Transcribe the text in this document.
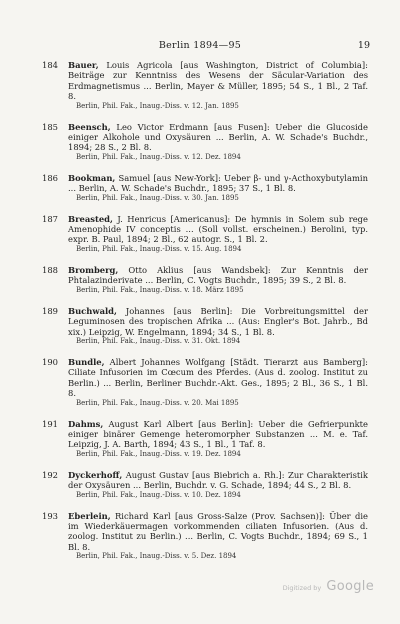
Berlin 1894—95	19
184 Bauer, Louis Agricola [aus Washington, District of Columbia]: Beiträge zur Kenntniss des Wesens der Säcular-Variation des Erdmagnetismus ... Berlin, Mayer & Müller, 1895; 54 S., 1 Bl., 2 Taf. 8.
Berlin, Phil. Fak., Inaug.-Diss. v. 12. Jan. 1895
185 Beensch, Leo Victor Erdmann [aus Fusen]: Ueber die Glucoside einiger Alkohole und Oxysäuren ... Berlin, A. W. Schade's Buchdr., 1894; 28 S., 2 Bl. 8.
Berlin, Phil. Fak., Inaug.-Diss. v. 12. Dez. 1894
186 Bookman, Samuel [aus New-York]: Ueber β- und γ-Acthoxybutylamin ... Berlin, A. W. Schade's Buchdr., 1895; 37 S., 1 Bl. 8.
Berlin, Phil. Fak., Inaug.-Diss. v. 30. Jan. 1895
187 Breasted, J. Henricus [Americanus]: De hymnis in Solem sub rege Amenophide IV conceptis ... (Soll vollst. erscheinen.) Berolini, typ. expr. B. Paul, 1894; 2 Bl., 62 autogr. S., 1 Bl. 2.
Berlin, Phil. Fak., Inaug.-Diss. v. 15. Aug. 1894
188 Bromberg, Otto Aklius [aus Wandsbek]: Zur Kenntnis der Phtalazinderivate ... Berlin, C. Vogts Buchdr., 1895; 39 S., 2 Bl. 8.
Berlin, Phil. Fak., Inaug.-Diss. v. 18. März 1895
189 Buchwald, Johannes [aus Berlin]: Die Vorbreitungsmittel der Leguminosen des tropischen Afrika ... (Aus: Engler's Bot. Jahrb., Bd xix.) Leipzig, W. Engelmann, 1894; 34 S., 1 Bl. 8.
Berlin, Phil. Fak., Inaug.-Diss. v. 31. Okt. 1894
190 Bundle, Albert Johannes Wolfgang [Städt. Tierarzt aus Bamberg]: Ciliate Infusorien im Cœcum des Pferdes. (Aus d. zoolog. Institut zu Berlin.) ... Berlin, Berliner Buchdr.-Akt. Ges., 1895; 2 Bl., 36 S., 1 Bl. 8.
Berlin, Phil. Fak., Inaug.-Diss. v. 20. Mai 1895
191 Dahms, August Karl Albert [aus Berlin]: Ueber die Gefrierpunkte einiger binärer Gemenge heteromorpher Substanzen ... M. e. Taf. Leipzig, J. A. Barth, 1894; 43 S., 1 Bl., 1 Taf. 8.
Berlin, Phil. Fak., Inaug.-Diss. v. 19. Dez. 1894
192 Dyckerhoff, August Gustav [aus Biebrich a. Rh.]: Zur Charakteristik der Oxysäuren ... Berlin, Buchdr. v. G. Schade, 1894; 44 S., 2 Bl. 8.
Berlin, Phil. Fak., Inaug.-Diss. v. 10. Dez. 1894
193 Eberlein, Richard Karl [aus Gross-Salze (Prov. Sachsen)]: Über die im Wiederkäuermagen vorkommenden ciliaten Infusorien. (Aus d. zoolog. Institut zu Berlin.) ... Berlin, C. Vogts Buchdr., 1894; 69 S., 1 Bl. 8.
Berlin, Phil. Fak., Inaug.-Diss. v. 5. Dez. 1894
Digitized by Google
